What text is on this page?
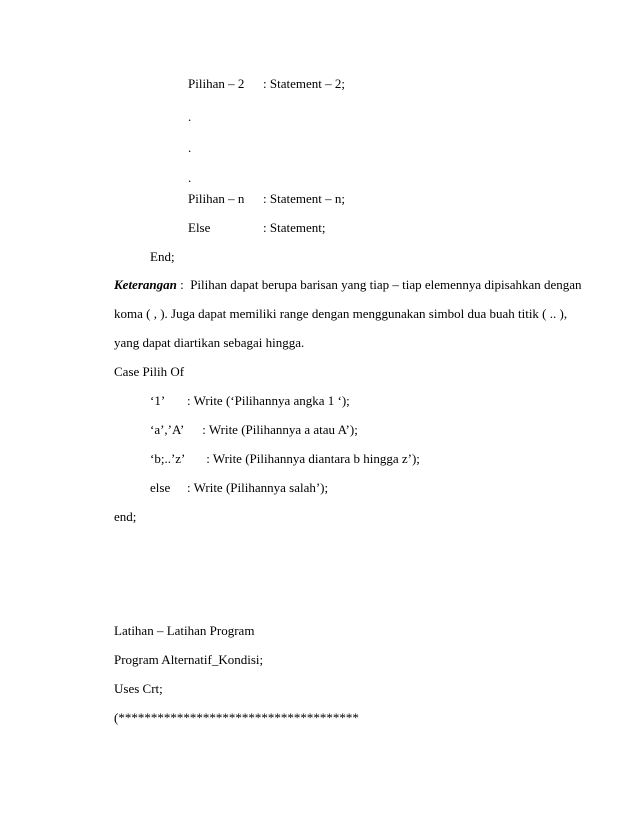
Pilihan – 2 : Statement – 2;
.
.
.
Pilihan – n : Statement – n;
Else	: Statement;
End;
Keterangan :  Pilihan dapat berupa barisan yang tiap – tiap elemennya dipisahkan dengan
koma ( , ). Juga dapat memiliki range dengan menggunakan simbol dua buah titik ( .. ),
yang dapat diartikan sebagai hingga.
Case Pilih Of
‘1’ : Write (‘Pilihannya angka 1 ‘);
‘a’,’A’ : Write (Pilihannya a atau A’);
‘b;..’z’ : Write (Pilihannya diantara b hingga z’);
else : Write (Pilihannya salah’);
end;
Latihan – Latihan Program
Program Alternatif_Kondisi;
Uses Crt;
(*************************************
